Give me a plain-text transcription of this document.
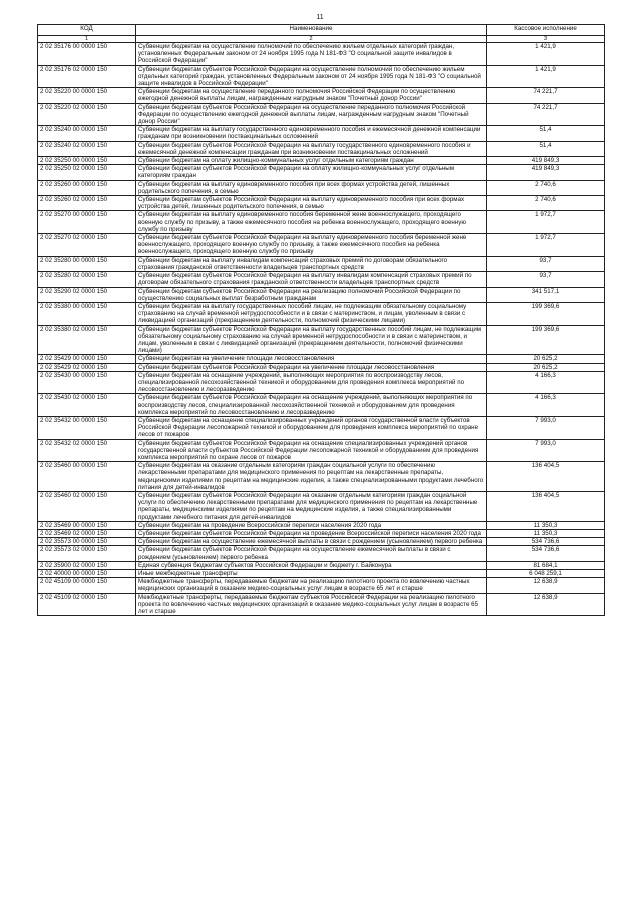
11
КОД	Наименование	Кассовое исполнение
1	2	3
2 02 35176 00 0000 150	Субвенции бюджетам на осуществление полномочий по обеспечению жильем отдельных категорий граждан, установленных Федеральным законом от 24 ноября 1995 года N 181-ФЗ "О социальной защите инвалидов в Российской Федерации"	1 421,9
2 02 35176 02 0000 150	Субвенции бюджетам субъектов Российской Федерации на осуществление полномочий по обеспечению жильем отдельных категорий граждан, установленных Федеральным законом от 24 ноября 1995 года N 181-ФЗ "О социальной защите инвалидов в Российской Федерации"	1 421,9
2 02 35220 00 0000 150	Субвенции бюджетам на осуществление переданного полномочия Российской Федерации по осуществлению ежегодной денежной выплаты лицам, награжденным нагрудным знаком "Почетный донор России"	74 221,7
2 02 35220 02 0000 150	Субвенции бюджетам субъектов Российской Федерации на осуществление переданного полномочия Российской Федерации по осуществлению ежегодной денежной выплаты лицам, награжденным нагрудным знаком "Почетный донор России"	74 221,7
2 02 35240 00 0000 150	Субвенции бюджетам на выплату государственного единовременного пособия и ежемесячной денежной компенсации гражданам при возникновении поствакцинальных осложнений	51,4
2 02 35240 02 0000 150	Субвенции бюджетам субъектов Российской Федерации на выплату государственного единовременного пособия и ежемесячной денежной компенсации гражданам при возникновении поствакцинальных осложнений	51,4
2 02 35250 00 0000 150	Субвенции бюджетам на оплату жилищно-коммунальных услуг отдельным категориям граждан	419 849,3
2 02 35250 02 0000 150	Субвенции бюджетам субъектов Российской Федерации на оплату жилищно-коммунальных услуг отдельным категориям граждан	419 849,3
2 02 35260 00 0000 150	Субвенции бюджетам на выплату единовременного пособия при всех формах устройства детей, лишенных родительского попечения, в семью	2 740,6
2 02 35260 02 0000 150	Субвенции бюджетам субъектов Российской Федерации на выплату единовременного пособия при всех формах устройства детей, лишенных родительского попечения, в семью	2 740,6
2 02 35270 00 0000 150	Субвенции бюджетам на выплату единовременного пособия беременной жене военнослужащего, проходящего военную службу по призыву, а также ежемесячного пособия на ребенка военнослужащего, проходящего военную службу по призыву	1 972,7
2 02 35270 02 0000 150	Субвенции бюджетам субъектов Российской Федерации на выплату единовременного пособия беременной жене военнослужащего, проходящего военную службу по призыву, а также ежемесячного пособия на ребенка военнослужащего, проходящего военную службу по призыву	1 972,7
2 02 35280 00 0000 150	Субвенции бюджетам на выплату инвалидам компенсаций страховых премий по договорам обязательного страхования гражданской ответственности владельцев транспортных средств	93,7
2 02 35280 02 0000 150	Субвенции бюджетам субъектов Российской Федерации на выплату инвалидам компенсаций страховых премий по договорам обязательного страхования гражданской ответственности владельцев транспортных средств	93,7
2 02 35290 02 0000 150	Субвенции бюджетам субъектов Российской Федерации на реализацию полномочий Российской Федерации по осуществлению социальных выплат безработным гражданам	341 517,1
2 02 35380 00 0000 150	Субвенции бюджетам на выплату государственных пособий лицам, не подлежащим обязательному социальному страхованию на случай временной нетрудоспособности и в связи с материнством, и лицам, уволенным в связи с ликвидацией организаций (прекращением деятельности, полномочий физическими лицами)	199 369,6
2 02 35380 02 0000 150	Субвенции бюджетам субъектов Российской Федерации на выплату государственных пособий лицам, не подлежащим обязательному социальному страхованию на случай временной нетрудоспособности и в связи с материнством, и лицам, уволенным в связи с ликвидацией организаций (прекращением деятельности, полномочий физическими лицами)	199 369,6
2 02 35429 00 0000 150	Субвенции бюджетам на увеличение площади лесовосстановления	20 625,2
2 02 35429 02 0000 150	Субвенции бюджетам субъектов Российской Федерации на увеличение площади лесовосстановления	20 625,2
2 02 35430 00 0000 150	Субвенции бюджетам на оснащение учреждений, выполняющих мероприятия по воспроизводству лесов, специализированной лесохозяйственной техникой и оборудованием для проведения комплекса мероприятий по лесовосстановлению и лесоразведению	4 166,3
2 02 35430 02 0000 150	Субвенции бюджетам субъектов Российской Федерации на оснащение учреждений, выполняющих мероприятия по воспроизводству лесов, специализированной лесохозяйственной техникой и оборудованием для проведения комплекса мероприятий по лесовосстановлению и лесоразведению	4 166,3
2 02 35432 00 0000 150	Субвенции бюджетам на оснащение специализированных учреждений органов государственной власти субъектов Российской Федерации лесопожарной техникой и оборудованием для проведения комплекса мероприятий по охране лесов от пожаров	7 993,0
2 02 35432 02 0000 150	Субвенции бюджетам субъектов Российской Федерации на оснащение специализированных учреждений органов государственной власти субъектов Российской Федерации лесопожарной техникой и оборудованием для проведения комплекса мероприятий по охране лесов от пожаров	7 993,0
2 02 35460 00 0000 150	Субвенции бюджетам на оказание отдельным категориям граждан социальной услуги по обеспечению лекарственными препаратами для медицинского применения по рецептам на лекарственные препараты, медицинскими изделиями по рецептам на медицинские изделия, а также специализированными продуктами лечебного питания для детей-инвалидов	136 404,5
2 02 35460 02 0000 150	Субвенции бюджетам субъектов Российской Федерации на оказание отдельным категориям граждан социальной услуги по обеспечению лекарственными препаратами для медицинского применения по рецептам на лекарственные препараты, медицинскими изделиями по рецептам на медицинские изделия, а также специализированными продуктами лечебного питания для детей-инвалидов	136 404,5
2 02 35469 00 0000 150	Субвенции бюджетам на проведение Всероссийской переписи населения 2020 года	11 350,3
2 02 35469 02 0000 150	Субвенции бюджетам субъектов Российской Федерации на проведение Всероссийской переписи населения 2020 года	11 350,3
2 02 35573 00 0000 150	Субвенции бюджетам на осуществление ежемесячной выплаты в связи с рождением (усыновлением) первого ребенка	534 736,6
2 02 35573 02 0000 150	Субвенции бюджетам субъектов Российской Федерации на осуществление ежемесячной выплаты в связи с рождением (усыновлением) первого ребенка	534 736,6
2 02 35900 02 0000 150	Единая субвенция бюджетам субъектов Российской Федерации и бюджету г. Байконура	81 684,1
2 02 40000 00 0000 150	Иные межбюджетные трансферты	6 048 259,1
2 02 45109 00 0000 150	Межбюджетные трансферты, передаваемые бюджетам на реализацию пилотного проекта по вовлечению частных медицинских организаций в оказание медико-социальных услуг лицам в возрасте 65 лет и старше	12 638,9
2 02 45109 02 0000 150	Межбюджетные трансферты, передаваемые бюджетам субъектов Российской Федерации на реализацию пилотного проекта по вовлечению частных медицинских организаций в оказание медико-социальных услуг лицам в возрасте 65 лет и старше	12 638,9
